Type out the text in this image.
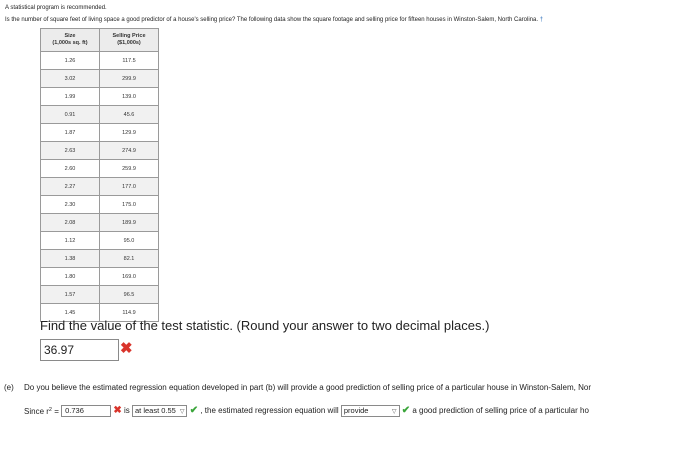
A statistical program is recommended.
Is the number of square feet of living space a good predictor of a house's selling price? The following data show the square footage and selling price for fifteen houses in Winston-Salem, North Carolina. †
Size
(1,000s sq. ft)	Selling Price
($1,000s)
1.26	117.5
3.02	299.9
1.99	139.0
0.91	45.6
1.87	129.9
2.63	274.9
2.60	259.9
2.27	177.0
2.30	175.0
2.08	189.9
1.12	95.0
1.38	82.1
1.80	169.0
1.57	96.5
1.45	114.9
Find the value of the test statistic. (Round your answer to two decimal places.)
36.97	✖
(e) Do you believe the estimated regression equation developed in part (b) will provide a good prediction of selling price of a particular house in Winston-Salem, Nor
Since $r^2 = 0.736$	✖ is at least 0.55 ▽ ✔ , the estimated regression equation will provide	▽ ✔ a good prediction of selling price of a particular ho
